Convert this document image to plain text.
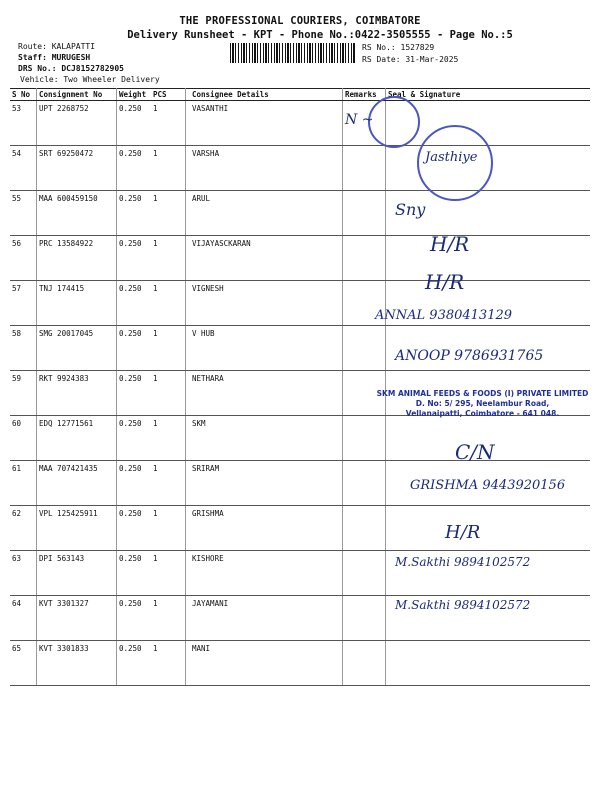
THE PROFESSIONAL COURIERS, COIMBATORE
Delivery Runsheet - KPT - Phone No.:0422-3505555 - Page No.:5
Route: KALAPATTI
Staff: MURUGESH
DRS No.: DCJ8152782905
Vehicle: Two Wheeler Delivery
RS No.: 1527829
RS Date: 31-Mar-2025
S No	Consignment No	Weight	PCS	Consignee Details	Remarks	Seal & Signature
53	UPT 2268752	0.250	1	VASANTHI		
54	SRT 69250472	0.250	1	VARSHA		
55	MAA 600459150	0.250	1	ARUL		
56	PRC 13584922	0.250	1	VIJAYASCKARAN		
57	TNJ 174415	0.250	1	VIGNESH		
58	SMG 20017045	0.250	1	V HUB		
59	RKT 9924383	0.250	1	NETHARA		
60	EDQ 12771561	0.250	1	SKM		
61	MAA 707421435	0.250	1	SRIRAM		
62	VPL 125425911	0.250	1	GRISHMA		
63	DPI 563143	0.250	1	KISHORE		
64	KVT 3301327	0.250	1	JAYAMANI		
65	KVT 3301833	0.250	1	MANI		
N ~
Jasthiye
Sny
H/R
H/R
ANNAL 9380413129
ANOOP 9786931765
SKM ANIMAL FEEDS & FOODS (I) PRIVATE LIMITED
D. No: 5/ 295, Neelambur Road,
Vellanaipatti, Coimbatore - 641 048.
C/N
GRISHMA 9443920156
H/R
M.Sakthi 9894102572
M.Sakthi 9894102572
